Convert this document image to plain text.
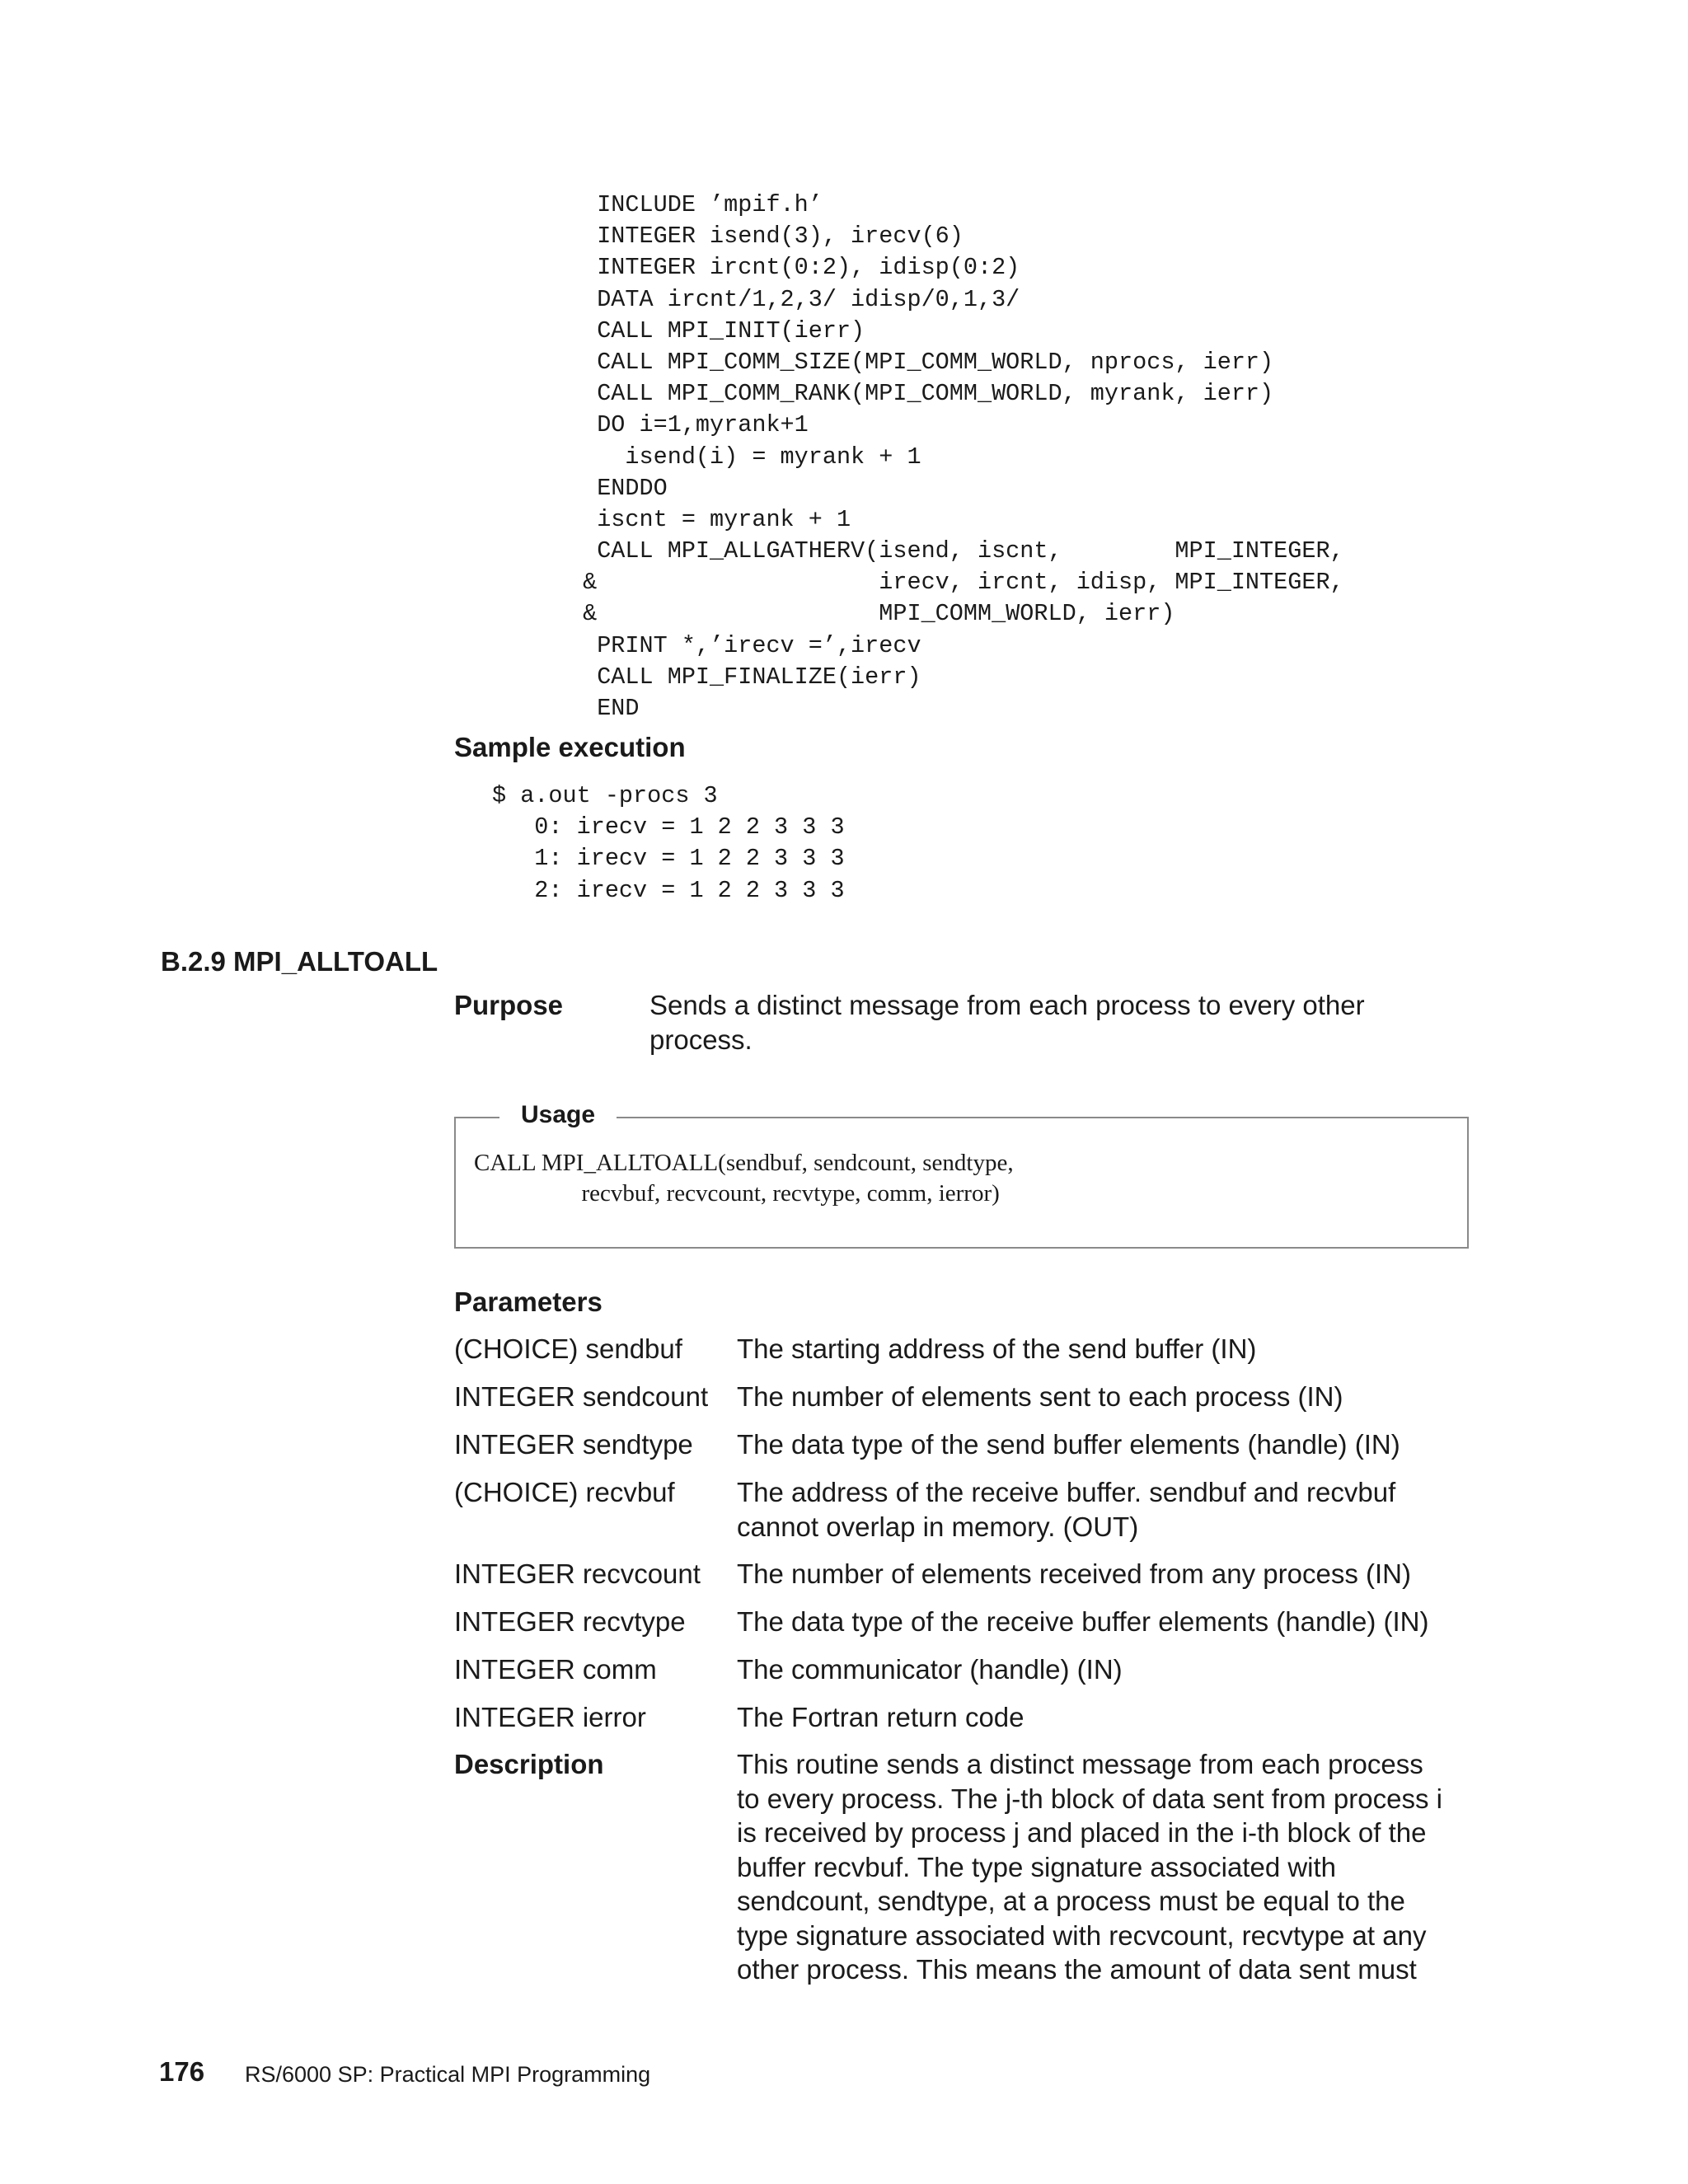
INCLUDE ’mpif.h’
INTEGER isend(3), irecv(6)
INTEGER ircnt(0:2), idisp(0:2)
DATA ircnt/1,2,3/ idisp/0,1,3/
CALL MPI_INIT(ierr)
CALL MPI_COMM_SIZE(MPI_COMM_WORLD, nprocs, ierr)
CALL MPI_COMM_RANK(MPI_COMM_WORLD, myrank, ierr)
DO i=1,myrank+1
isend(i) = myrank + 1
ENDDO
iscnt = myrank + 1
CALL MPI_ALLGATHERV(isend, iscnt,        MPI_INTEGER,
&                    irecv, ircnt, idisp, MPI_INTEGER,
&                    MPI_COMM_WORLD, ierr)
PRINT *,’irecv =’,irecv
CALL MPI_FINALIZE(ierr)
END
Sample execution
$ a.out -procs 3
0: irecv = 1 2 2 3 3 3
1: irecv = 1 2 2 3 3 3
2: irecv = 1 2 2 3 3 3
B.2.9 MPI_ALLTOALL
Purpose	Sends a distinct message from each process to every other process.
Usage
CALL MPI_ALLTOALL(sendbuf, sendcount, sendtype,
recvbuf, recvcount, recvtype, comm, ierror)
Parameters
(CHOICE) sendbuf	The starting address of the send buffer (IN)
INTEGER sendcount	The number of elements sent to each process (IN)
INTEGER sendtype	The data type of the send buffer elements (handle) (IN)
(CHOICE) recvbuf	The address of the receive buffer. sendbuf and recvbuf cannot overlap in memory. (OUT)
INTEGER recvcount	The number of elements received from any process (IN)
INTEGER recvtype	The data type of the receive buffer elements (handle) (IN)
INTEGER comm	The communicator (handle) (IN)
INTEGER ierror	The Fortran return code
Description	This routine sends a distinct message from each process
to every process. The j-th block of data sent from process i
is received by process j and placed in the i-th block of the
buffer recvbuf. The type signature associated with
sendcount, sendtype, at a process must be equal to the
type signature associated with recvcount, recvtype at any
other process. This means the amount of data sent must
176 RS/6000 SP: Practical MPI Programming
